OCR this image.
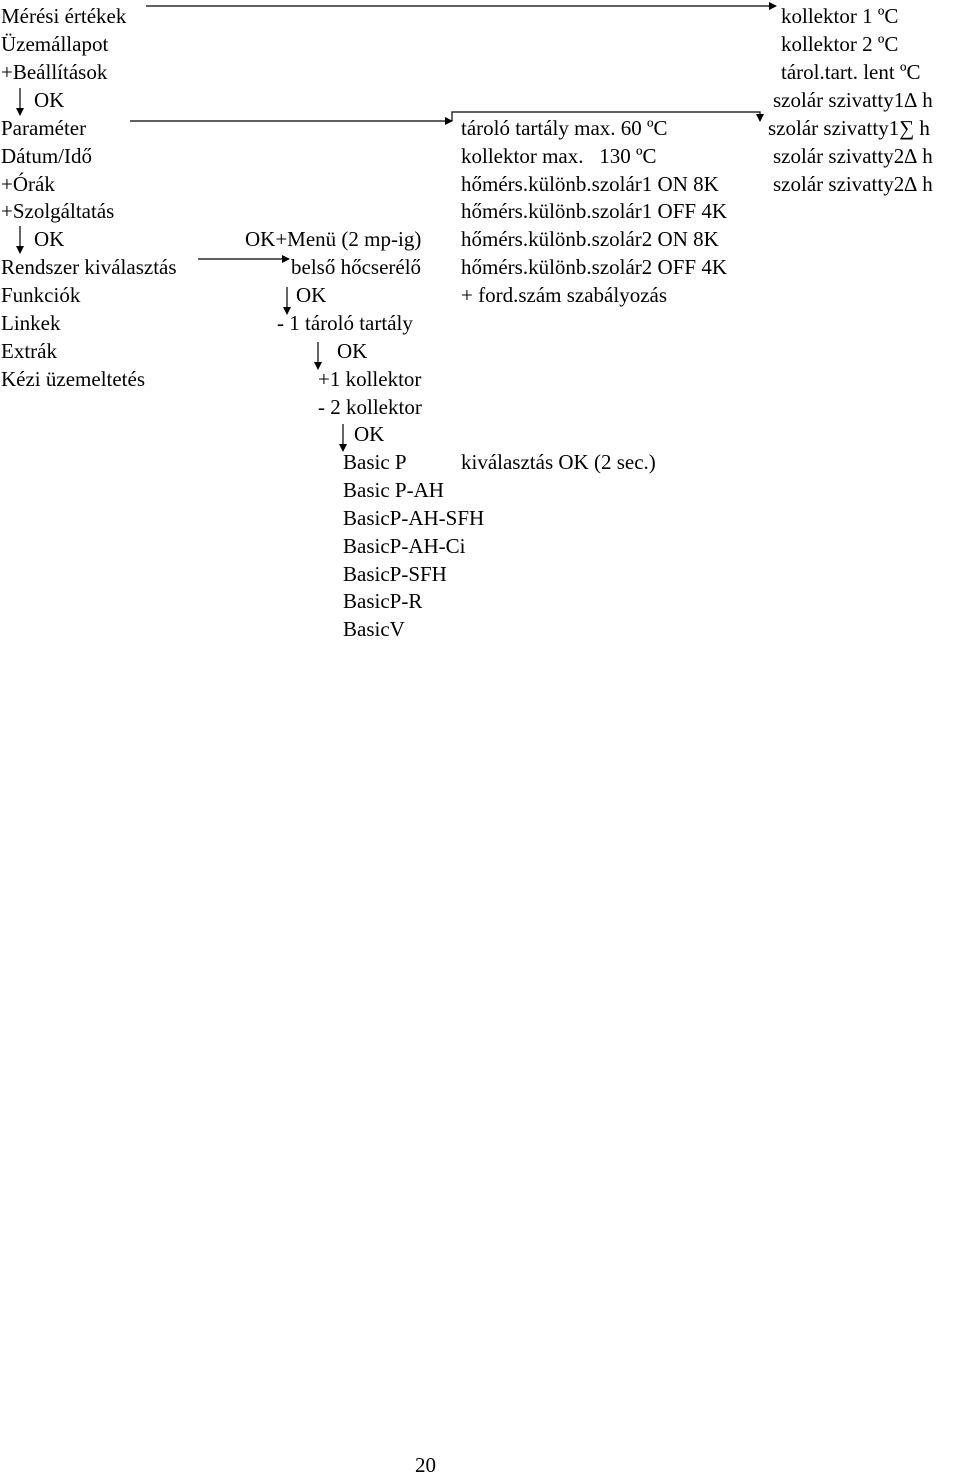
Mérési értékek
Üzemállapot
+Beállítások
OK
Paraméter
Dátum/Idő
+Órák
+Szolgáltatás
OK
Rendszer kiválasztás
Funkciók
Linkek
Extrák
Kézi üzemeltetés
kollektor 1 ºC
kollektor 2 ºC
tárol.tart. lent ºC
szolár szivatty1∆ h
szolár szivatty1∑ h
szolár szivatty2∆ h
szolár szivatty2∆ h
tároló tartály max. 60 ºC
kollektor max.   130 ºC
hőmérs.különb.szolár1 ON 8K
hőmérs.különb.szolár1 OFF 4K
hőmérs.különb.szolár2 ON 8K
hőmérs.különb.szolár2 OFF 4K
+ ford.szám szabályozás
OK+Menü (2 mp-ig)
belső hőcserélő
OK
- 1 tároló tartály
OK
+1 kollektor
- 2 kollektor
OK
Basic P
Basic P-AH
BasicP-AH-SFH
BasicP-AH-Ci
BasicP-SFH
BasicP-R
BasicV
kiválasztás OK (2 sec.)
20
